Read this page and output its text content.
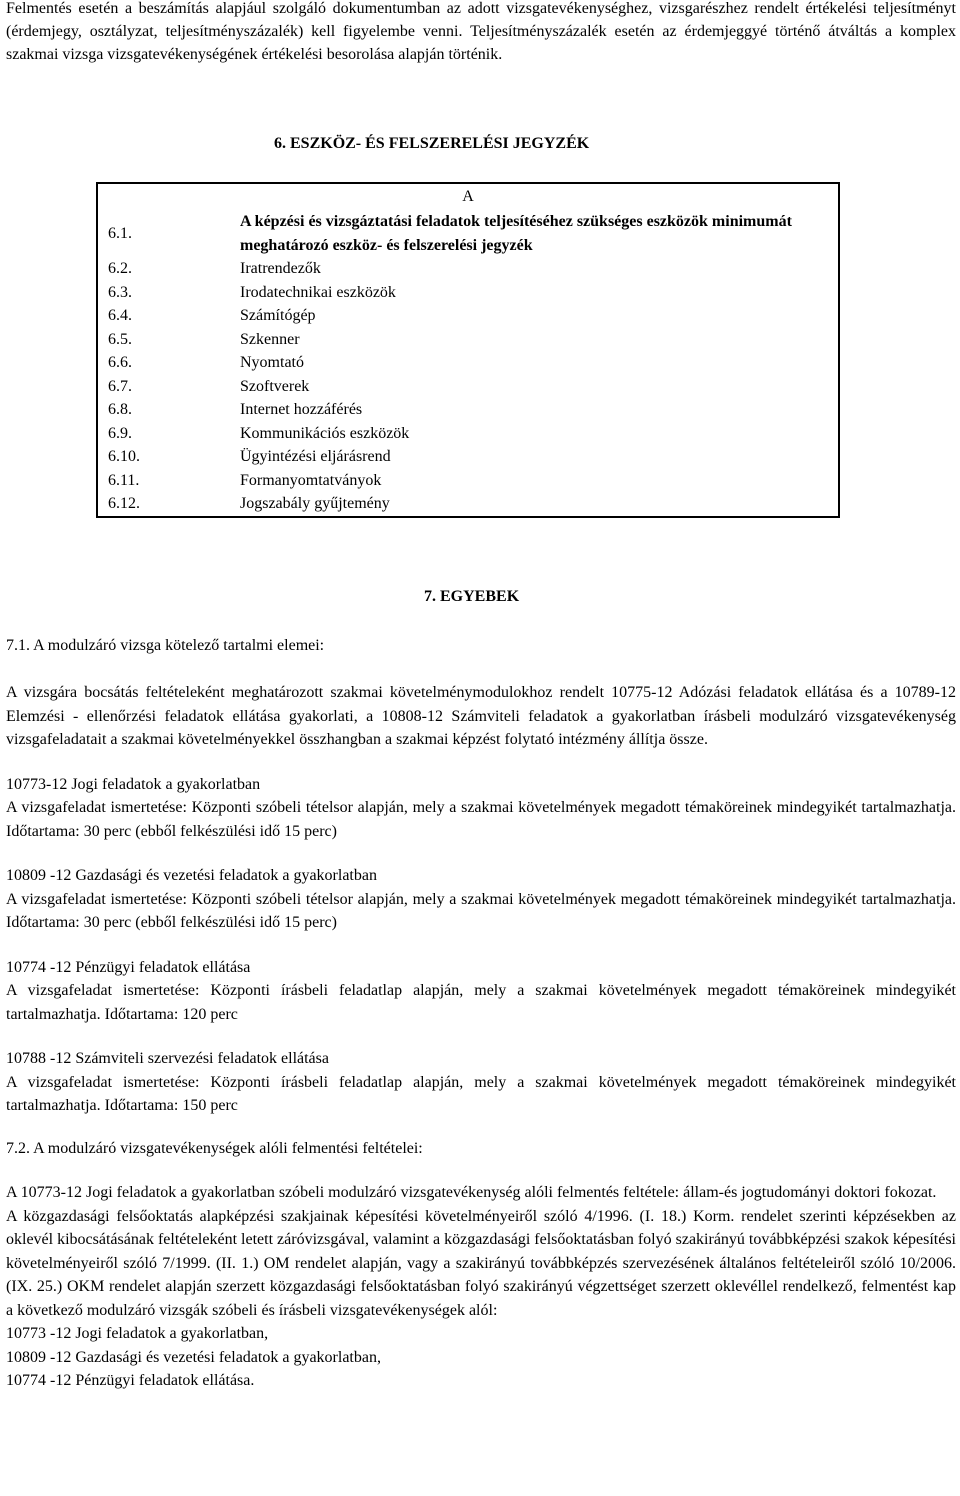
Felmentés esetén a beszámítás alapjául szolgáló dokumentumban az adott vizsgatevékenységhez, vizsgarészhez rendelt értékelési teljesítményt (érdemjegy, osztályzat, teljesítményszázalék) kell figyelembe venni. Teljesítményszázalék esetén az érdemjeggyé történő átváltás a komplex szakmai vizsga vizsgatevékenységének értékelési besorolása alapján történik.

6. ESZKÖZ- ÉS FELSZERELÉSI JEGYZÉK

A	
6.1.	A képzési és vizsgáztatási feladatok teljesítéséhez szükséges eszközök minimumát meghatározó eszköz- és felszerelési jegyzék
6.2.	Iratrendezők
6.3.	Irodatechnikai eszközök
6.4.	Számítógép
6.5.	Szkenner
6.6.	Nyomtató
6.7.	Szoftverek
6.8.	Internet hozzáférés
6.9.	Kommunikációs eszközök
6.10.	Ügyintézési eljárásrend
6.11.	Formanyomtatványok
6.12.	Jogszabály gyűjtemény

7. EGYEBEK

7.1. A modulzáró vizsga kötelező tartalmi elemei:

A vizsgára bocsátás feltételeként meghatározott szakmai követelménymodulokhoz rendelt 10775-12 Adózási feladatok ellátása és a 10789-12 Elemzési - ellenőrzési feladatok ellátása gyakorlati, a 10808-12 Számviteli feladatok a gyakorlatban írásbeli modulzáró vizsgatevékenység vizsgafeladatait a szakmai követelményekkel összhangban a szakmai képzést folytató intézmény állítja össze.

10773-12 Jogi feladatok a gyakorlatban

A vizsgafeladat ismertetése: Központi szóbeli tételsor alapján, mely a szakmai követelmények megadott témaköreinek mindegyikét tartalmazhatja. Időtartama: 30 perc (ebből felkészülési idő 15 perc)

10809 -12 Gazdasági és vezetési feladatok a gyakorlatban

A vizsgafeladat ismertetése: Központi szóbeli tételsor alapján, mely a szakmai követelmények megadott témaköreinek mindegyikét tartalmazhatja. Időtartama: 30 perc (ebből felkészülési idő 15 perc)

10774 -12 Pénzügyi feladatok ellátása

A vizsgafeladat ismertetése: Központi írásbeli feladatlap alapján, mely a szakmai követelmények megadott témaköreinek mindegyikét tartalmazhatja. Időtartama: 120 perc

10788 -12 Számviteli szervezési feladatok ellátása

A vizsgafeladat ismertetése: Központi írásbeli feladatlap alapján, mely a szakmai követelmények megadott témaköreinek mindegyikét tartalmazhatja. Időtartama: 150 perc

7.2. A modulzáró vizsgatevékenységek alóli felmentési feltételei:

A 10773-12 Jogi feladatok a gyakorlatban szóbeli modulzáró vizsgatevékenység alóli felmentés feltétele: állam-és jogtudományi doktori fokozat.

A közgazdasági felsőoktatás alapképzési szakjainak képesítési követelményeiről szóló 4/1996. (I. 18.) Korm. rendelet szerinti képzésekben az oklevél kibocsátásának feltételeként letett záróvizsgával, valamint a közgazdasági felsőoktatásban folyó szakirányú továbbképzési szakok képesítési követelményeiről szóló 7/1999. (II. 1.) OM rendelet alapján, vagy a szakirányú továbbképzés szervezésének általános feltételeiről szóló 10/2006. (IX. 25.) OKM rendelet alapján szerzett közgazdasági felsőoktatásban folyó szakirányú végzettséget szerzett oklevéllel rendelkező, felmentést kap a következő modulzáró vizsgák szóbeli és írásbeli vizsgatevékenységek alól:

10773 -12 Jogi feladatok a gyakorlatban,

10809 -12 Gazdasági és vezetési feladatok a gyakorlatban,

10774 -12 Pénzügyi feladatok ellátása.
